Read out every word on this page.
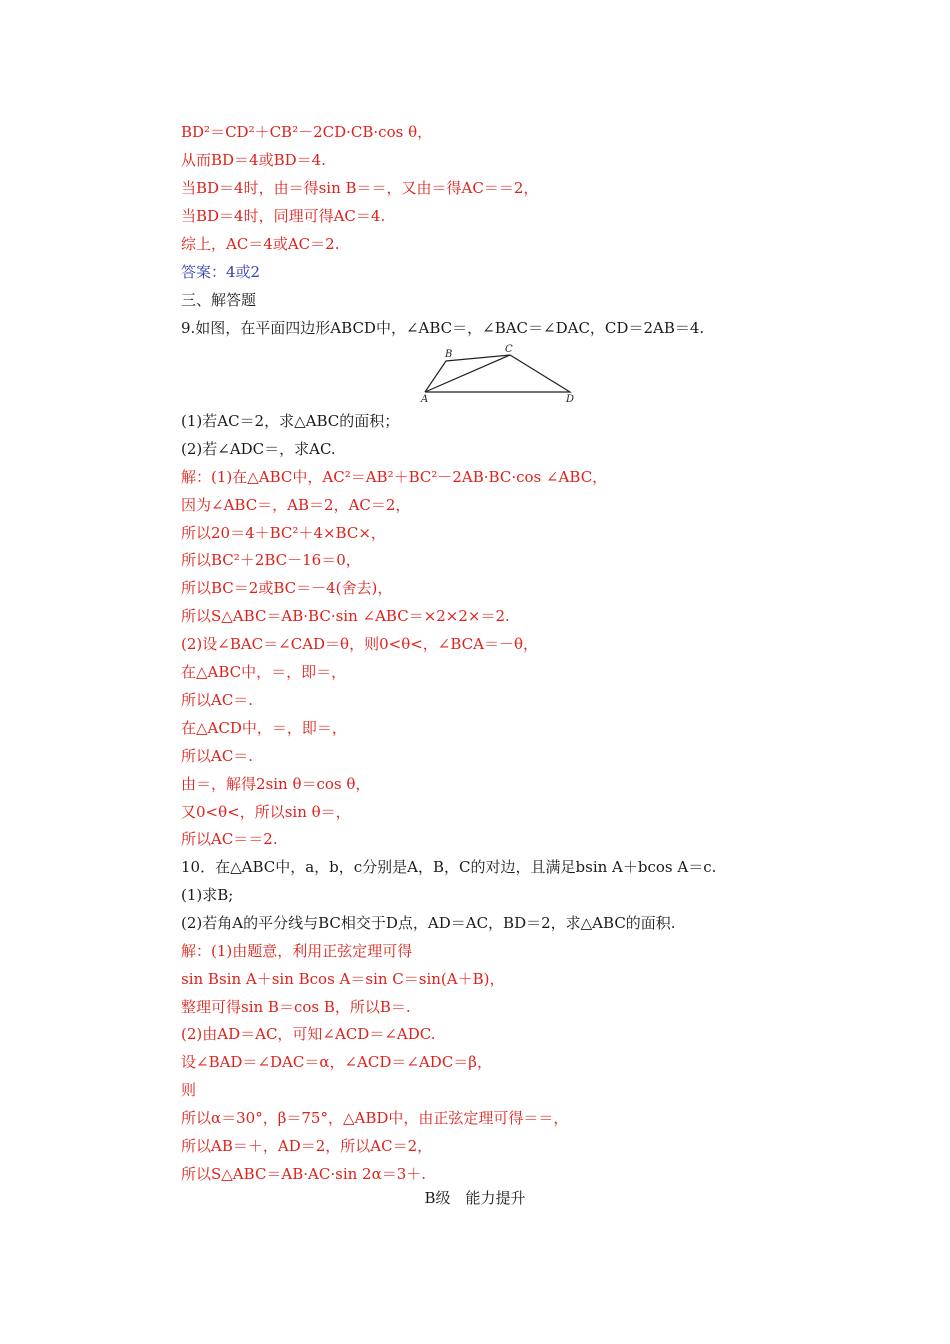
BD²＝CD²＋CB²－2CD·CB·cos θ，
从而BD＝4或BD＝4.
当BD＝4时，由＝得sin B＝＝，又由＝得AC＝＝2，
当BD＝4时，同理可得AC＝4.
综上，AC＝4或AC＝2.
答案：4或2
三、解答题
9.如图，在平面四边形ABCD中，∠ABC＝，∠BAC＝∠DAC，CD＝2AB＝4.
(1)若AC＝2，求△ABC的面积；
(2)若∠ADC＝，求AC.
解：(1)在△ABC中，AC²＝AB²＋BC²－2AB·BC·cos ∠ABC，
因为∠ABC＝，AB＝2，AC＝2，
所以20＝4＋BC²＋4×BC×，
所以BC²＋2BC－16＝0，
所以BC＝2或BC＝－4(舍去)，
所以S△ABC＝AB·BC·sin ∠ABC＝×2×2×＝2.
(2)设∠BAC＝∠CAD＝θ，则0<θ<，∠BCA＝－θ，
在△ABC中，＝，即＝，
所以AC＝.
在△ACD中，＝，即＝，
所以AC＝.
由＝，解得2sin θ＝cos θ，
又0<θ<，所以sin θ＝，
所以AC＝＝2.
10．在△ABC中，a，b，c分别是A，B，C的对边，且满足bsin A＋bcos A＝c.
(1)求B;
(2)若角A的平分线与BC相交于D点，AD＝AC，BD＝2，求△ABC的面积.
解：(1)由题意，利用正弦定理可得
sin Bsin A＋sin Bcos A＝sin C＝sin(A＋B)，
整理可得sin B＝cos B，所以B＝.
(2)由AD＝AC，可知∠ACD＝∠ADC.
设∠BAD＝∠DAC＝α，∠ACD＝∠ADC＝β，
则
所以α＝30°，β＝75°，△ABD中，由正弦定理可得＝＝，
所以AB＝＋，AD＝2，所以AC＝2，
所以S△ABC＝AB·AC·sin 2α＝3＋.
B	C
A	D
B级　能力提升
